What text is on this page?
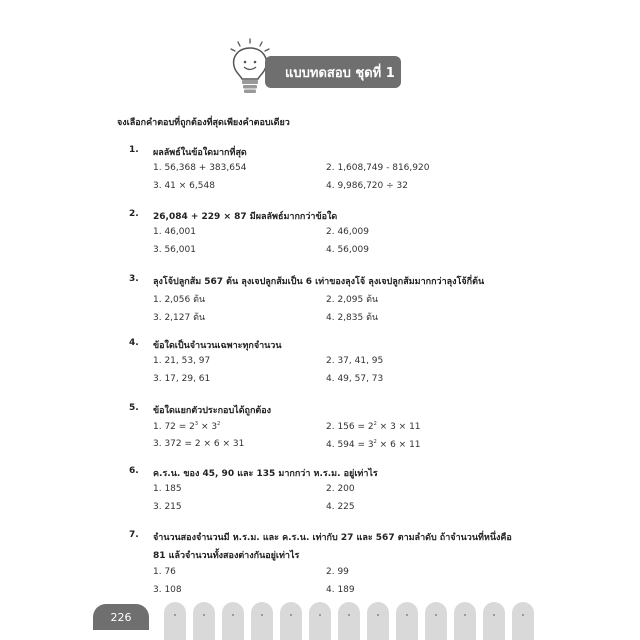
แบบทดสอบ ชุดที่ 1
จงเลือกคำตอบที่ถูกต้องที่สุดเพียงคำตอบเดียว
1. ผลลัพธ์ในข้อใดมากที่สุด
1. 56,368 + 383,654	2. 1,608,749 - 816,920
3. 41 × 6,548	4. 9,986,720 ÷ 32
2. 26,084 + 229 × 87 มีผลลัพธ์มากกว่าข้อใด
1. 46,001	2. 46,009
3. 56,001	4. 56,009
3. ลุงโจ้ปลูกส้ม 567 ต้น ลุงเจปลูกส้มเป็น 6 เท่าของลุงโจ้ ลุงเจปลูกส้มมากกว่าลุงโจ้กี่ต้น
1. 2,056 ต้น	2. 2,095 ต้น
3. 2,127 ต้น	4. 2,835 ต้น
4. ข้อใดเป็นจำนวนเฉพาะทุกจำนวน
1. 21, 53, 97	2. 37, 41, 95
3. 17, 29, 61	4. 49, 57, 73
5. ข้อใดแยกตัวประกอบได้ถูกต้อง
1. $72 = 2^3 \times 3^2$	2. $156 = 2^2 \times 3 \times 11$
3. 372 = 2 × 6 × 31	4. $594 = 3^2 \times 6 \times 11$
6. ค.ร.น. ของ 45, 90 และ 135 มากกว่า ห.ร.ม. อยู่เท่าไร
1. 185	2. 200
3. 215	4. 225
7. จำนวนสองจำนวนมี ห.ร.ม. และ ค.ร.น. เท่ากับ 27 และ 567 ตามลำดับ ถ้าจำนวนที่หนึ่งคือ
81 แล้วจำนวนทั้งสองต่างกันอยู่เท่าไร
1. 76	2. 99
3. 108	4. 189
226
